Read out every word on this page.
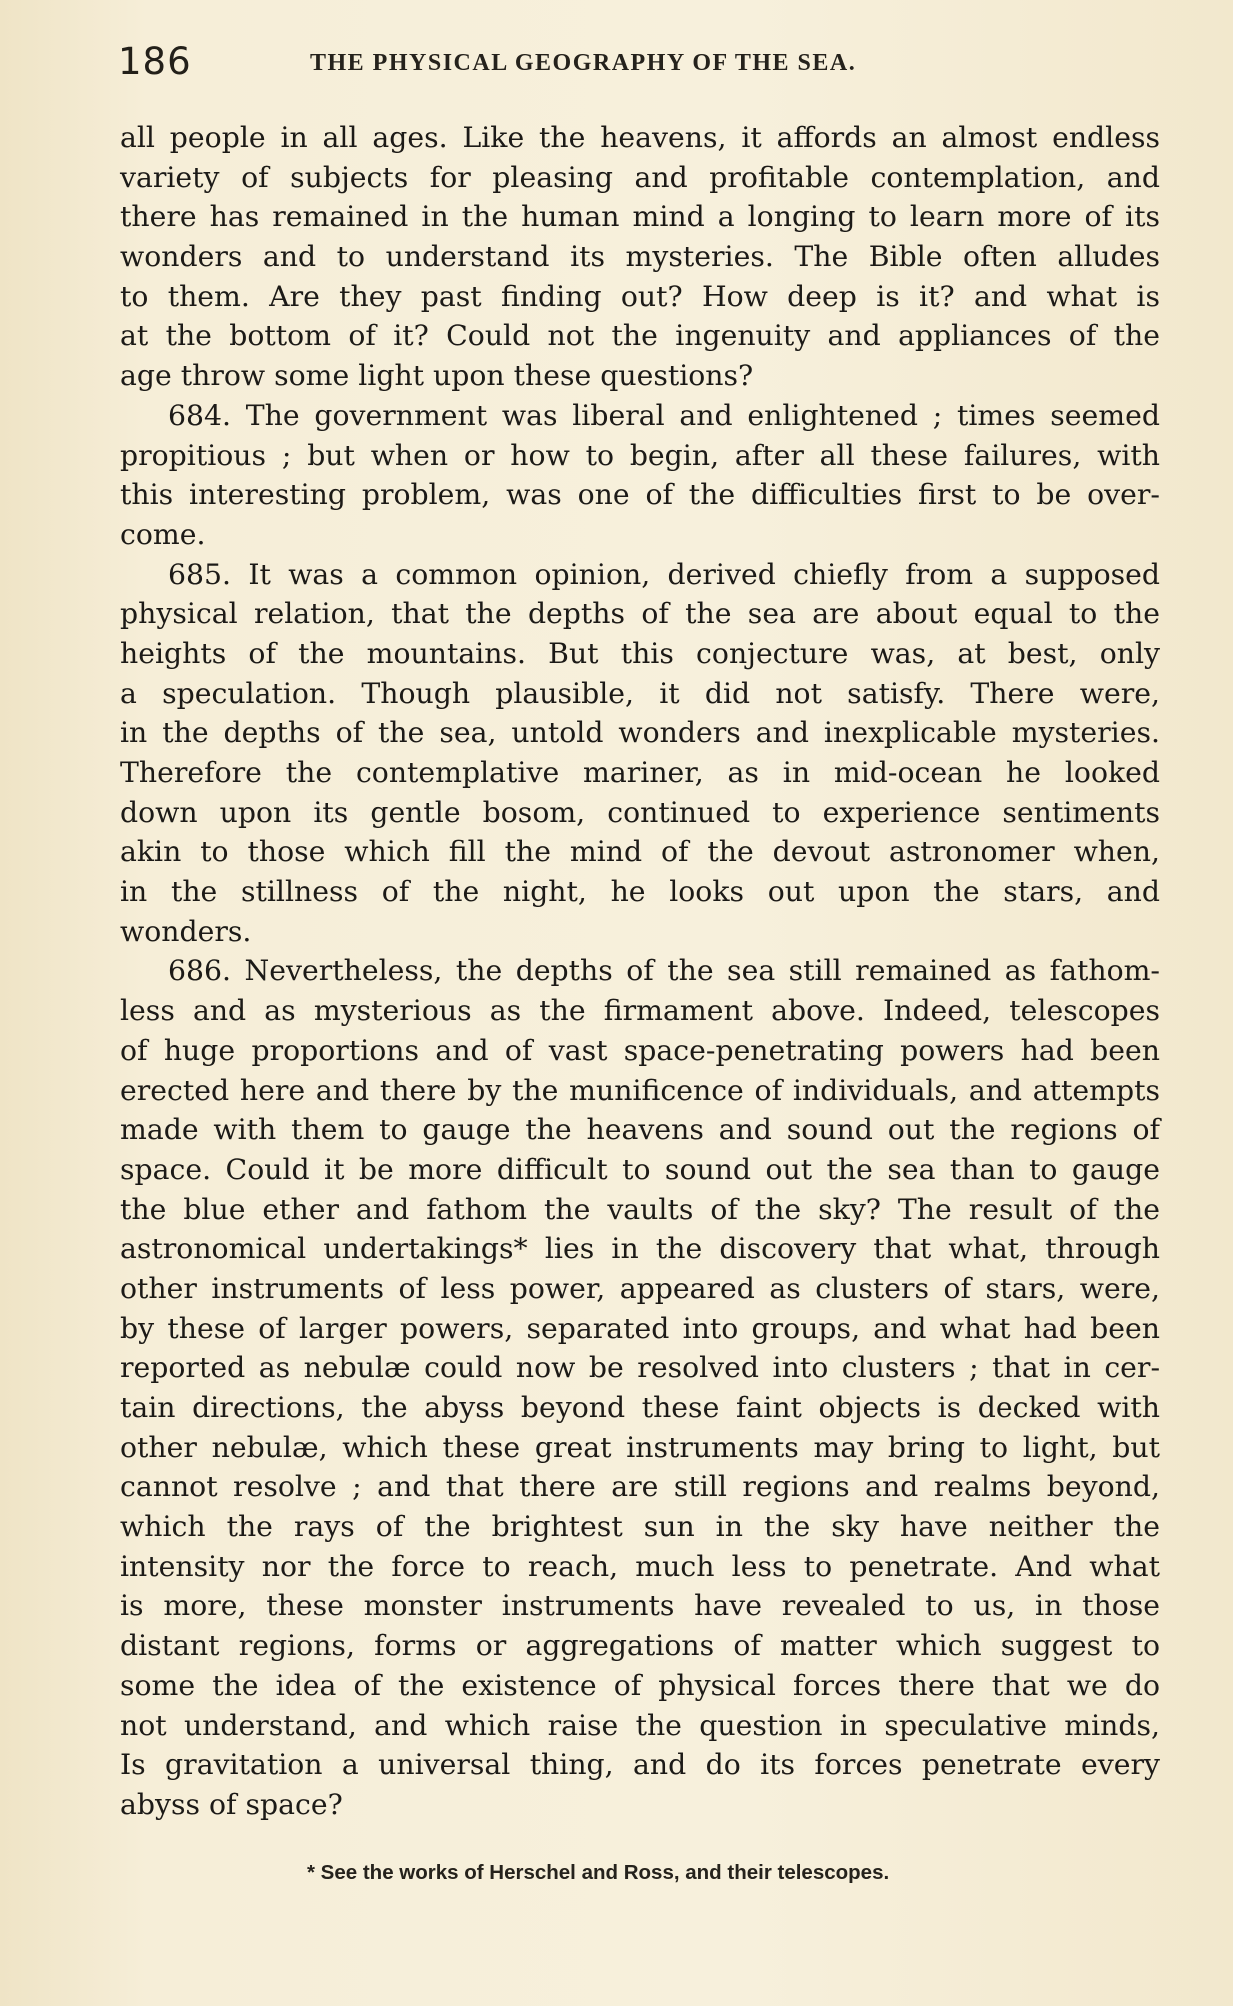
186	THE PHYSICAL GEOGRAPHY OF THE SEA.
all people in all ages. Like the heavens, it affords an almost endless
variety of subjects for pleasing and profitable contemplation, and
there has remained in the human mind a longing to learn more of its
wonders and to understand its mysteries. The Bible often alludes
to them. Are they past finding out? How deep is it? and what is
at the bottom of it? Could not the ingenuity and appliances of the
age throw some light upon these questions?
684. The government was liberal and enlightened ; times seemed
propitious ; but when or how to begin, after all these failures, with
this interesting problem, was one of the difficulties first to be over-
come.
685. It was a common opinion, derived chiefly from a supposed
physical relation, that the depths of the sea are about equal to the
heights of the mountains. But this conjecture was, at best, only
a speculation. Though plausible, it did not satisfy. There were,
in the depths of the sea, untold wonders and inexplicable mysteries.
Therefore the contemplative mariner, as in mid-ocean he looked
down upon its gentle bosom, continued to experience sentiments
akin to those which fill the mind of the devout astronomer when,
in the stillness of the night, he looks out upon the stars, and
wonders.
686. Nevertheless, the depths of the sea still remained as fathom-
less and as mysterious as the firmament above. Indeed, telescopes
of huge proportions and of vast space-penetrating powers had been
erected here and there by the munificence of individuals, and attempts
made with them to gauge the heavens and sound out the regions of
space. Could it be more difficult to sound out the sea than to gauge
the blue ether and fathom the vaults of the sky? The result of the
astronomical undertakings* lies in the discovery that what, through
other instruments of less power, appeared as clusters of stars, were,
by these of larger powers, separated into groups, and what had been
reported as nebulæ could now be resolved into clusters ; that in cer-
tain directions, the abyss beyond these faint objects is decked with
other nebulæ, which these great instruments may bring to light, but
cannot resolve ; and that there are still regions and realms beyond,
which the rays of the brightest sun in the sky have neither the
intensity nor the force to reach, much less to penetrate. And what
is more, these monster instruments have revealed to us, in those
distant regions, forms or aggregations of matter which suggest to
some the idea of the existence of physical forces there that we do
not understand, and which raise the question in speculative minds,
Is gravitation a universal thing, and do its forces penetrate every
abyss of space?
* See the works of Herschel and Ross, and their telescopes.
